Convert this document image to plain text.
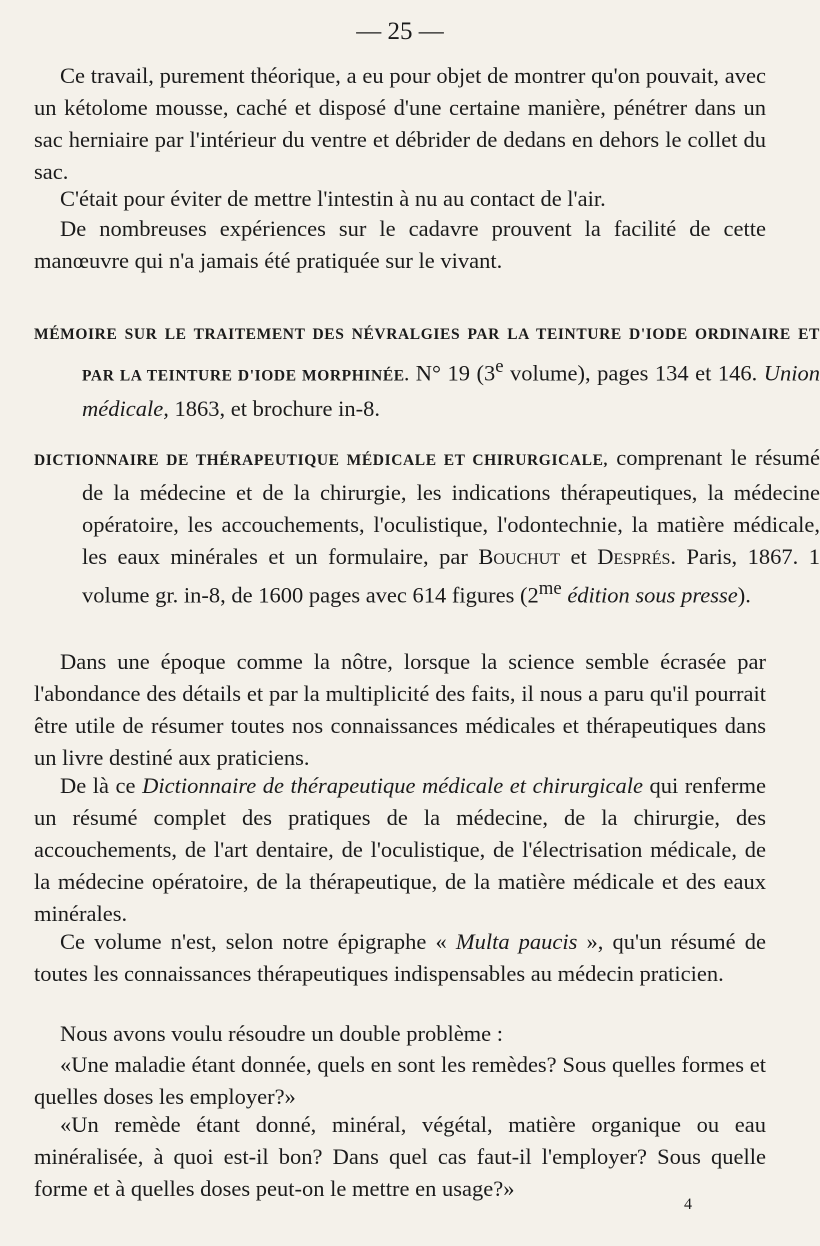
— 25 —

Ce travail, purement théorique, a eu pour objet de montrer qu'on pouvait, avec un kétolome mousse, caché et disposé d'une certaine manière, pénétrer dans un sac herniaire par l'intérieur du ventre et débrider de dedans en dehors le collet du sac.

C'était pour éviter de mettre l'intestin à nu au contact de l'air.

De nombreuses expériences sur le cadavre prouvent la facilité de cette manœuvre qui n'a jamais été pratiquée sur le vivant.

MÉMOIRE SUR LE TRAITEMENT DES NÉVRALGIES PAR LA TEINTURE D'IODE ORDINAIRE ET PAR LA TEINTURE D'IODE MORPHINÉE. N° 19 (3e volume), pages 134 et 146. Union médicale, 1863, et brochure in-8.

DICTIONNAIRE DE THÉRAPEUTIQUE MÉDICALE ET CHIRURGICALE, comprenant le résumé de la médecine et de la chirurgie, les indications thérapeutiques, la médecine opératoire, les accouchements, l'oculistique, l'odontechnie, la matière médicale, les eaux minérales et un formulaire, par Bouchut et Després. Paris, 1867. 1 volume gr. in-8, de 1600 pages avec 614 figures ($2^{me}$ édition sous presse).

Dans une époque comme la nôtre, lorsque la science semble écrasée par l'abondance des détails et par la multiplicité des faits, il nous a paru qu'il pourrait être utile de résumer toutes nos connaissances médicales et thérapeutiques dans un livre destiné aux praticiens.

De là ce Dictionnaire de thérapeutique médicale et chirurgicale qui renferme un résumé complet des pratiques de la médecine, de la chirurgie, des accouchements, de l'art dentaire, de l'oculistique, de l'électrisation médicale, de la médecine opératoire, de la thérapeutique, de la matière médicale et des eaux minérales.

Ce volume n'est, selon notre épigraphe « Multa paucis », qu'un résumé de toutes les connaissances thérapeutiques indispensables au médecin praticien.

Nous avons voulu résoudre un double problème :

«Une maladie étant donnée, quels en sont les remèdes? Sous quelles formes et quelles doses les employer?»

«Un remède étant donné, minéral, végétal, matière organique ou eau minéralisée, à quoi est-il bon? Dans quel cas faut-il l'employer? Sous quelle forme et à quelles doses peut-on le mettre en usage?»

4
